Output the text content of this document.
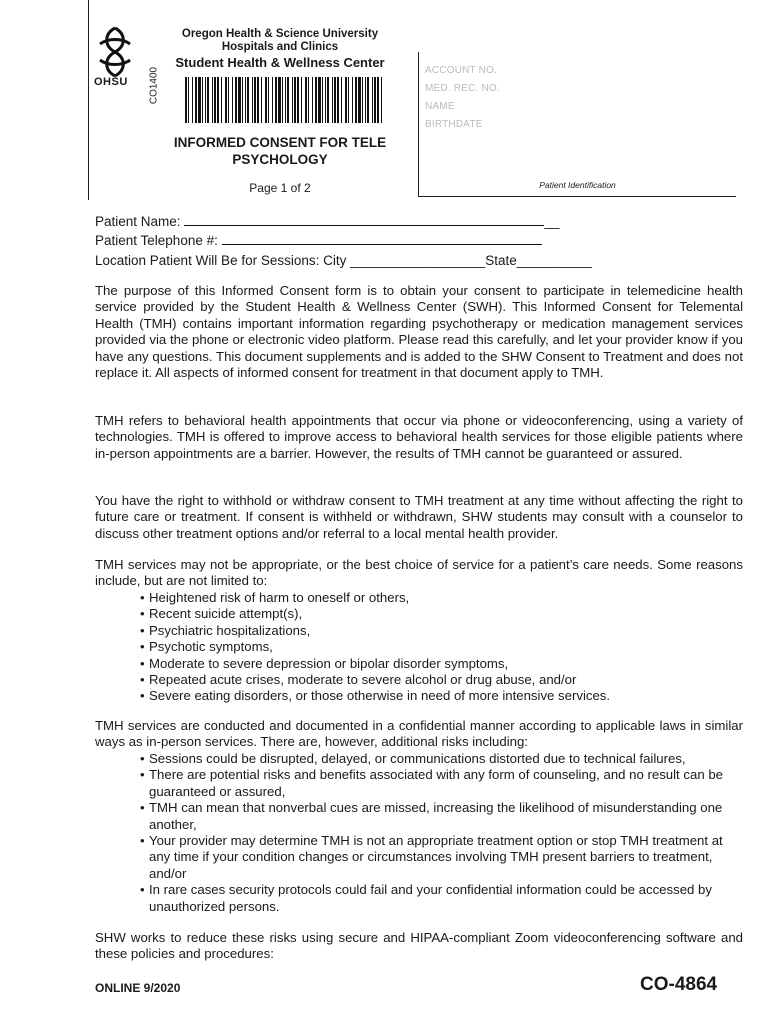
OHSU
Oregon Health & Science University
Hospitals and Clinics
Student Health & Wellness Center
CO1400
INFORMED CONSENT FOR TELE
PSYCHOLOGY
Page 1 of 2
ACCOUNT NO.
MED. REC. NO.
NAME
BIRTHDATE
Patient Identification
Patient Name:	__
Patient Telephone #:
Location Patient Will Be for Sessions: City __________________State__________
The purpose of this Informed Consent form is to obtain your consent to participate in telemedicine health service provided by the Student Health & Wellness Center (SWH). This Informed Consent for Telemental Health (TMH) contains important information regarding psychotherapy or medication management services provided via the phone or electronic video platform. Please read this carefully, and let your provider know if you have any questions. This document supplements and is added to the SHW Consent to Treatment and does not replace it. All aspects of informed consent for treatment in that document apply to TMH.
TMH refers to behavioral health appointments that occur via phone or videoconferencing, using a variety of technologies. TMH is offered to improve access to behavioral health services for those eligible patients where in-person appointments are a barrier. However, the results of TMH cannot be guaranteed or assured.
You have the right to withhold or withdraw consent to TMH treatment at any time without affecting the right to future care or treatment. If consent is withheld or withdrawn, SHW students may consult with a counselor to discuss other treatment options and/or referral to a local mental health provider.
TMH services may not be appropriate, or the best choice of service for a patient’s care needs. Some reasons include, but are not limited to:
• Heightened risk of harm to oneself or others,
• Recent suicide attempt(s),
• Psychiatric hospitalizations,
• Psychotic symptoms,
• Moderate to severe depression or bipolar disorder symptoms,
• Repeated acute crises, moderate to severe alcohol or drug abuse, and/or
• Severe eating disorders, or those otherwise in need of more intensive services.
TMH services are conducted and documented in a confidential manner according to applicable laws in similar ways as in-person services. There are, however, additional risks including:
• Sessions could be disrupted, delayed, or communications distorted due to technical failures,
• There are potential risks and benefits associated with any form of counseling, and no result can be guaranteed or assured,
• TMH can mean that nonverbal cues are missed, increasing the likelihood of misunderstanding one another,
• Your provider may determine TMH is not an appropriate treatment option or stop TMH treatment at any time if your condition changes or circumstances involving TMH present barriers to treatment, and/or
• In rare cases security protocols could fail and your confidential information could be accessed by unauthorized persons.
SHW works to reduce these risks using secure and HIPAA-compliant Zoom videoconferencing software and these policies and procedures:
ONLINE 9/2020	CO-4864
